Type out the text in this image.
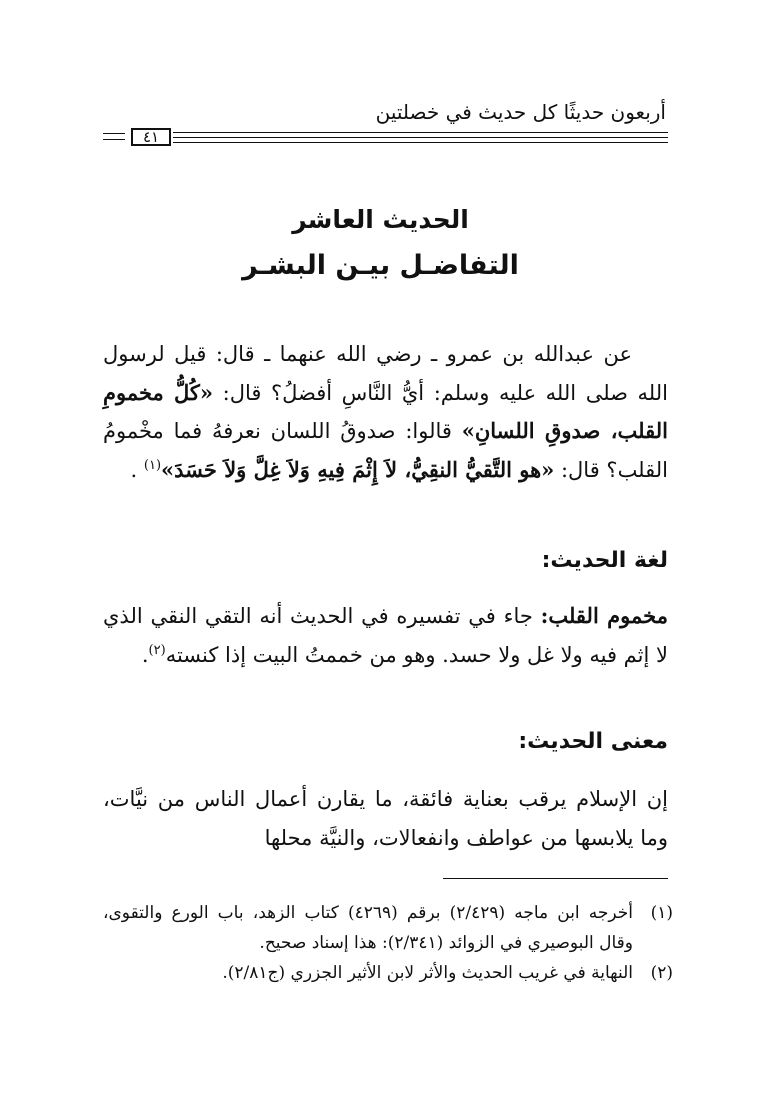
أربعون حديثًا كل حديث في خصلتين
٤١
الحديث العاشر
التفاضـل بيـن البشـر
عن عبدالله بن عمرو ـ رضي الله عنهما ـ قال: قيل لرسول الله صلى الله عليه وسلم: أيُّ النَّاسِ أفضلُ؟ قال: «كُلُّ مخمومِ القلب، صدوقِ اللسانِ» قالوا: صدوقُ اللسان نعرفهُ فما مخْمومُ القلب؟ قال: «هو التَّقيُّ النقِيُّ، لاَ إِثْمَ فِيهِ وَلاَ غِلَّ وَلاَ حَسَدَ»$^{(١)}$ .
لغة الحديث:
مخموم القلب: جاء في تفسيره في الحديث أنه التقي النقي الذي لا إثم فيه ولا غل ولا حسد. وهو من خممتُ البيت إذا كنسته$^{(٢)}$.
معنى الحديث:
إن الإسلام يرقب بعناية فائقة، ما يقارن أعمال الناس من نيَّات، وما يلابسها من عواطف وانفعالات، والنيَّة محلها
(١)
أخرجه ابن ماجه (٢/٤٢٩) برقم (٤٢٦٩) كتاب الزهد، باب الورع والتقوى، وقال البوصيري في الزوائد (٢/٣٤١): هذا إسناد صحيح.
(٢)
النهاية في غريب الحديث والأثر لابن الأثير الجزري (ج٢/٨١).
